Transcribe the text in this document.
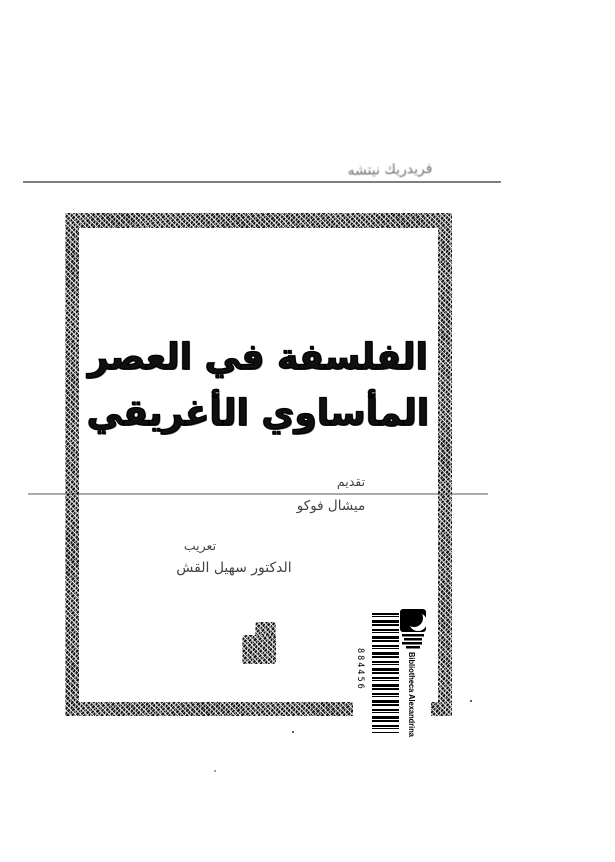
فريدريك نيتشه
الفلسفة في العصر
المأساوي الأغريقي
تقديم
ميشال فوكو
تعريب
الدكتور سهيل القش
884456	Bibliotheca Alexandrina
